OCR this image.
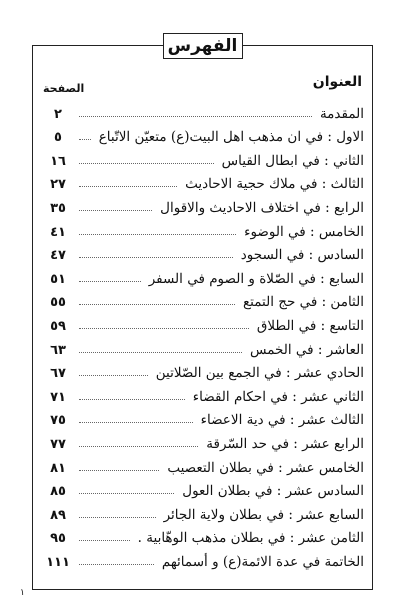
الفهرس
العنوان
الصفحة
المقدمة
٢
الاول : في ان مذهب اهل البيت(ع) متعيّن الاتّباع
٥
الثاني : في ابطال القياس
١٦
الثالث : في ملاك حجية الاحاديث
٢٧
الرابع : في اختلاف الاحاديث والاقوال
٣٥
الخامس : في الوضوء
٤١
السادس : في السجود
٤٧
السابع : في الصّلاة و الصوم في السفر
٥١
الثامن : في حج التمتع
٥٥
التاسع : في الطلاق
٥٩
العاشر : في الخمس
٦٣
الحادي عشر : في الجمع بين الصّلاتين
٦٧
الثاني عشر : في احكام القضاء
٧١
الثالث عشر : في دية الاعضاء
٧٥
الرابع عشر : في حد السّرقة
٧٧
الخامس عشر : في بطلان التعصيب
٨١
السادس عشر : في بطلان العول
٨٥
السابع عشر : في بطلان ولاية الجائر
٨٩
الثامن عشر : في بطلان مذهب الوهّابية .
٩٥
الخاتمة في عدة الائمة(ع) و أسمائهم
١١١
١
